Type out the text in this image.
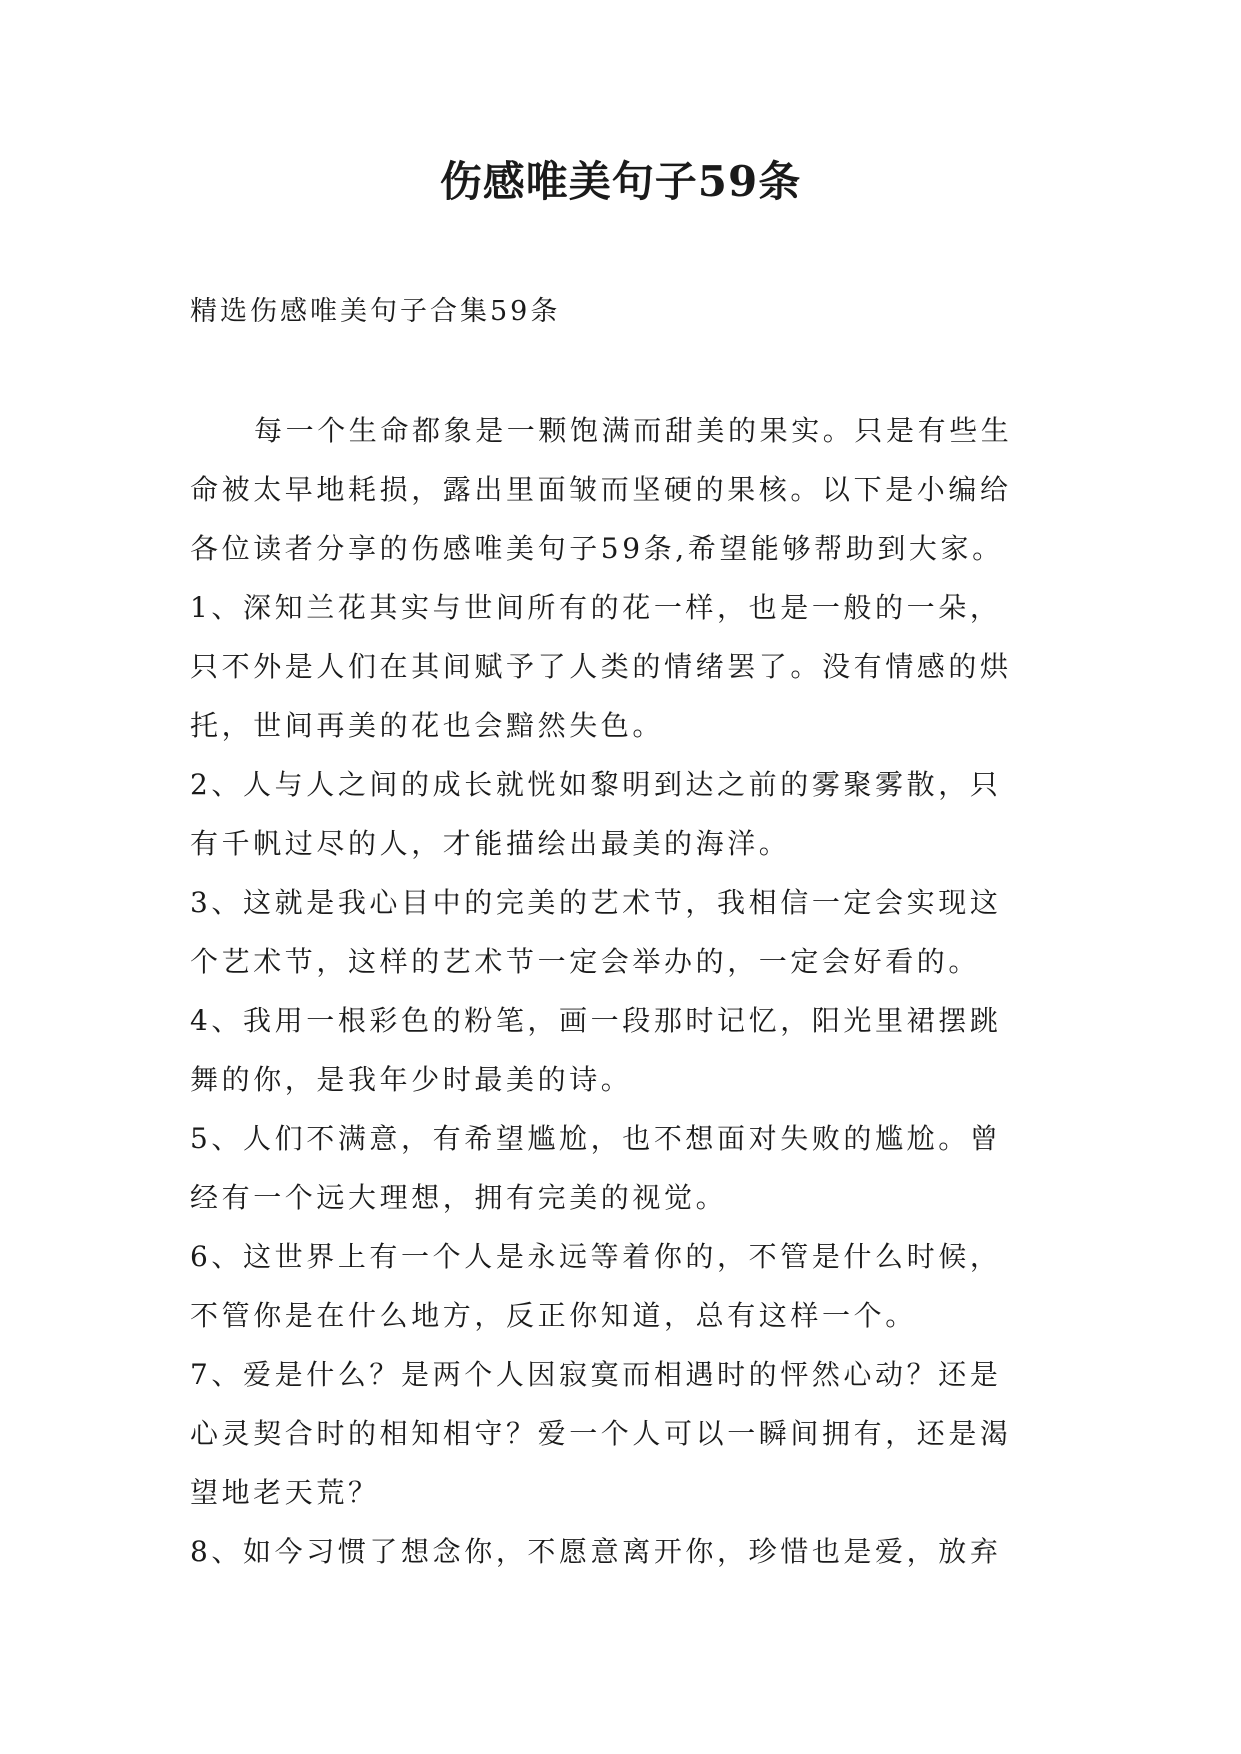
伤感唯美句子59条

精选伤感唯美句子合集59条

每一个生命都象是一颗饱满而甜美的果实。只是有些生
命被太早地耗损，露出里面皱而坚硬的果核。以下是小编给
各位读者分享的伤感唯美句子59条,希望能够帮助到大家。
1、深知兰花其实与世间所有的花一样，也是一般的一朵，
只不外是人们在其间赋予了人类的情绪罢了。没有情感的烘
托，世间再美的花也会黯然失色。
2、人与人之间的成长就恍如黎明到达之前的雾聚雾散，只
有千帆过尽的人，才能描绘出最美的海洋。
3、这就是我心目中的完美的艺术节，我相信一定会实现这
个艺术节，这样的艺术节一定会举办的，一定会好看的。
4、我用一根彩色的粉笔，画一段那时记忆，阳光里裙摆跳
舞的你，是我年少时最美的诗。
5、人们不满意，有希望尴尬，也不想面对失败的尴尬。曾
经有一个远大理想，拥有完美的视觉。
6、这世界上有一个人是永远等着你的，不管是什么时候，
不管你是在什么地方，反正你知道，总有这样一个。
7、爱是什么？是两个人因寂寞而相遇时的怦然心动？还是
心灵契合时的相知相守？爱一个人可以一瞬间拥有，还是渴
望地老天荒？
8、如今习惯了想念你，不愿意离开你，珍惜也是爱，放弃
